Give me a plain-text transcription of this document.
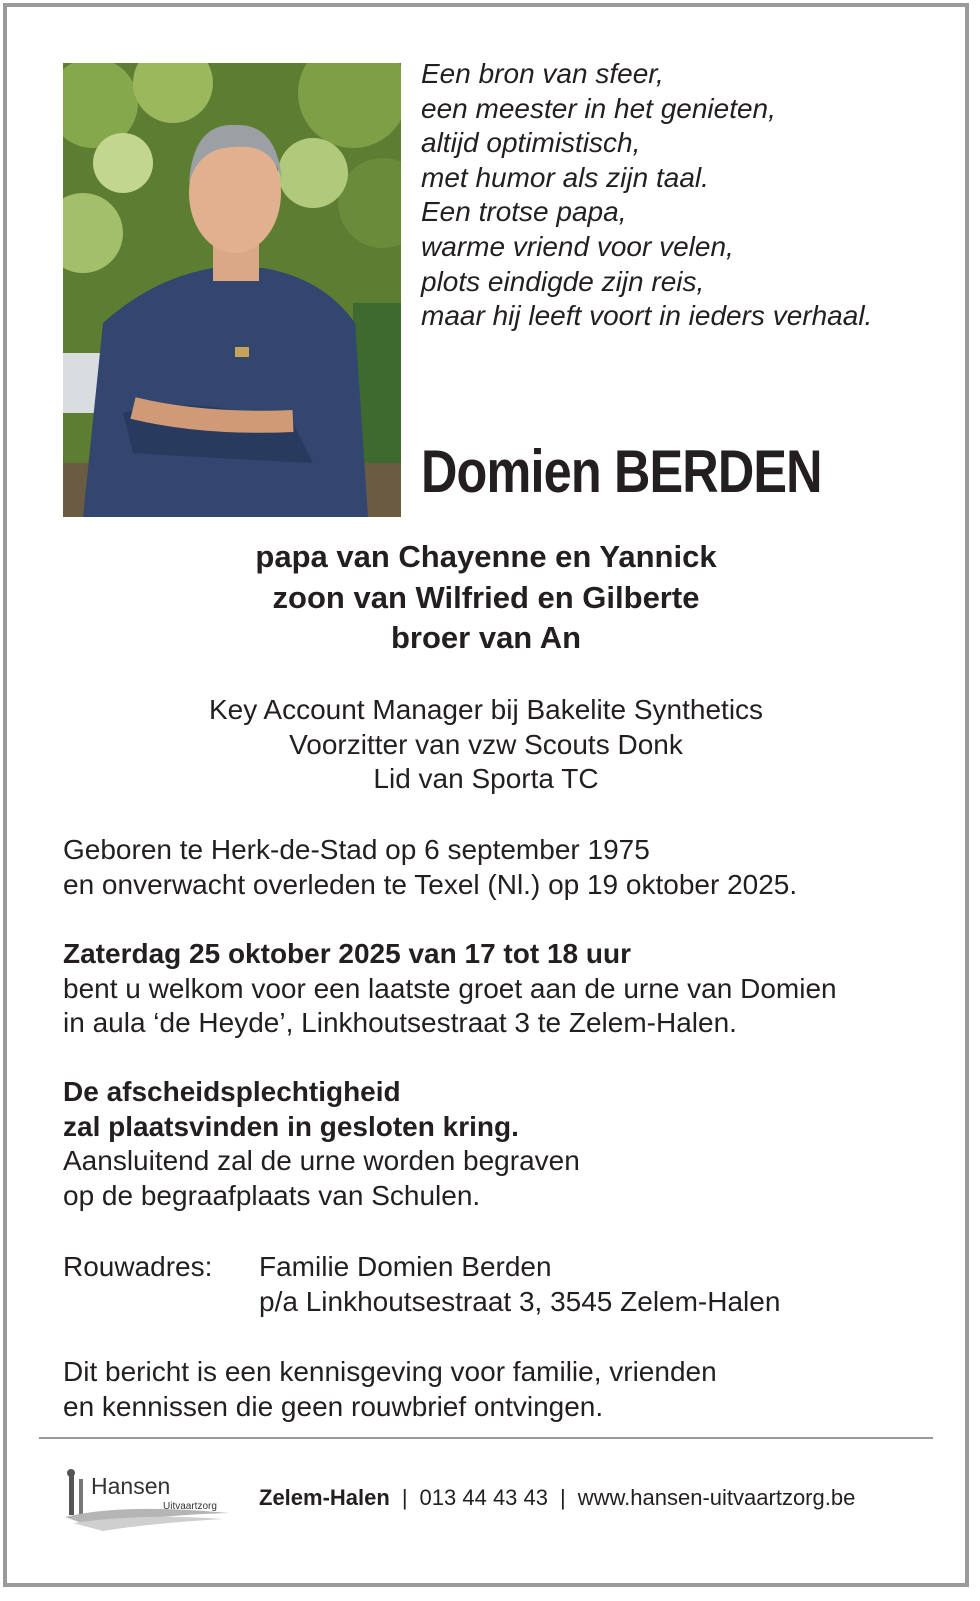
Een bron van sfeer,
een meester in het genieten,
altijd optimistisch,
met humor als zijn taal.
Een trotse papa,
warme vriend voor velen,
plots eindigde zijn reis,
maar hij leeft voort in ieders verhaal.
Domien BERDEN
papa van Chayenne en Yannick
zoon van Wilfried en Gilberte
broer van An
Key Account Manager bij Bakelite Synthetics
Voorzitter van vzw Scouts Donk
Lid van Sporta TC
Geboren te Herk-de-Stad op 6 september 1975
en onverwacht overleden te Texel (Nl.) op 19 oktober 2025.
Zaterdag 25 oktober 2025 van 17 tot 18 uur
bent u welkom voor een laatste groet aan de urne van Domien
in aula ‘de Heyde’, Linkhoutsestraat 3 te Zelem-Halen.
De afscheidsplechtigheid
zal plaatsvinden in gesloten kring.
Aansluitend zal de urne worden begraven
op de begraafplaats van Schulen.
Rouwadres: Familie Domien Berden
p/a Linkhoutsestraat 3, 3545 Zelem-Halen
Dit bericht is een kennisgeving voor familie, vrienden
en kennissen die geen rouwbrief ontvingen.
Hansen
Uitvaartzorg Zelem-Halen | 013 44 43 43 | www.hansen-uitvaartzorg.be
